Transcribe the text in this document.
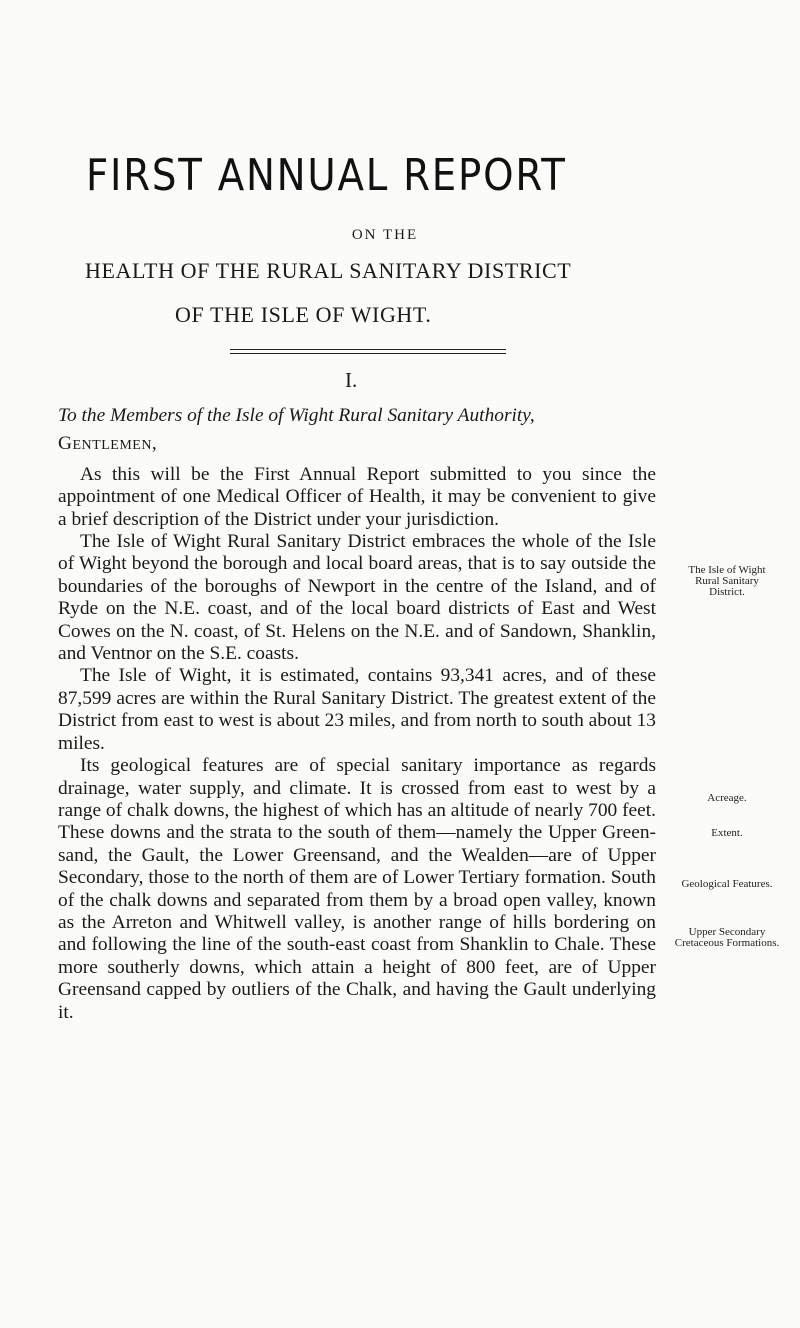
FIRST ANNUAL REPORT
ON THE
HEALTH OF THE RURAL SANITARY DISTRICT
OF THE ISLE OF WIGHT.
I.

To the Members of the Isle of Wight Rural Sanitary Authority,

Gentlemen,

As this will be the First Annual Report submitted to you since the appointment of one Medical Officer of Health, it may be convenient to give a brief description of the District under your jurisdiction.

The Isle of Wight Rural Sanitary District embraces the whole of the Isle of Wight beyond the borough and local board areas, that is to say outside the boundaries of the boroughs of Newport in the centre of the Island, and of Ryde on the N.E. coast, and of the local board districts of East and West Cowes on the N. coast, of St. Helens on the N.E. and of Sandown, Shanklin, and Ventnor on the S.E. coasts.

The Isle of Wight, it is estimated, contains 93,341 acres, and of these 87,599 acres are within the Rural Sanitary District. The greatest extent of the District from east to west is about 23 miles, and from north to south about 13 miles.

Its geological features are of special sanitary importance as regards drainage, water supply, and climate. It is crossed from east to west by a range of chalk downs, the highest of which has an altitude of nearly 700 feet. These downs and the strata to the south of them—namely the Upper Green-sand, the Gault, the Lower Greensand, and the Wealden—are of Upper Secondary, those to the north of them are of Lower Tertiary formation. South of the chalk downs and separated from them by a broad open valley, known as the Arreton and Whitwell valley, is another range of hills bordering on and following the line of the south-east coast from Shanklin to Chale. These more southerly downs, which attain a height of 800 feet, are of Upper Greensand capped by outliers of the Chalk, and having the Gault underlying it.

The Isle of Wight
Rural Sanitary
District.
Acreage.
Extent.
Geological Features.
Upper Secondary
Cretaceous Formations.
